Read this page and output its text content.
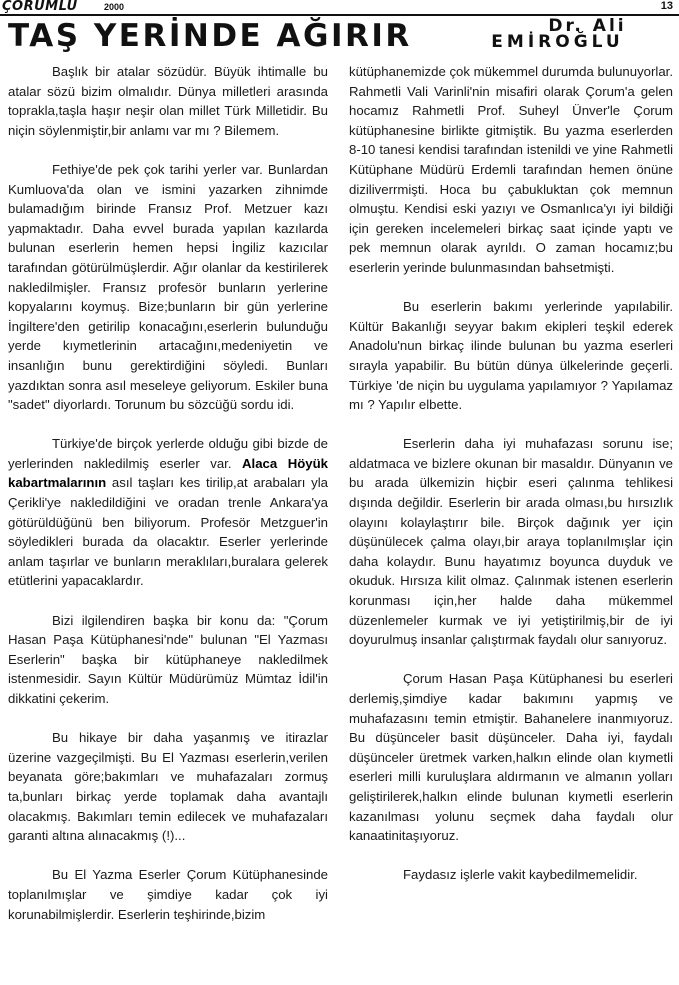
ÇORUMLU	2000	13
TAŞ YERİNDE AĞIRIR	Dr. Ali
EMİROĞLU

Başlık bir atalar sözüdür. Büyük ihtimalle bu atalar sözü bizim olmalıdır. Dünya milletleri arasında toprakla,taşla haşır neşir olan millet Türk Milletidir. Bu niçin söylenmiştir,bir anlamı var mı ? Bilemem.

Fethiye'de pek çok tarihi yerler var. Bunlardan Kumluova'da olan ve ismini yazarken zihnimde bulamadığım birinde Fransız Prof. Metzuer kazı yapmaktadır. Daha evvel burada yapılan kazılarda bulunan eserlerin hemen hepsi İngiliz kazıcılar tarafından götürülmüşlerdir. Ağır olanlar da kestirilerek nakledilmişler. Fransız profesör bunların yerlerine kopyalarını koymuş. Bize;bunların bir gün yerlerine İngiltere'den getirilip konacağını,eserlerin bulunduğu yerde kıymetlerinin artacağını,medeniyetin ve insanlığın bunu gerektirdiğini söyledi. Bunları yazdıktan sonra asıl meseleye geliyorum. Eskiler buna "sadet" diyorlardı. Torunum bu sözcüğü sordu idi.

Türkiye'de birçok yerlerde olduğu gibi bizde de yerlerinden nakledilmiş eserler var. Alaca Höyük kabartmalarının asıl taşları kes tirilip,at arabaları yla Çerikli'ye nakledildiğini ve oradan trenle Ankara'ya götürüldüğünü ben biliyorum. Profesör Metzguer'in söyledikleri burada da olacaktır. Eserler yerlerinde anlam taşırlar ve bunların meraklıları,buralara gelerek etütlerini yapacaklardır.

Bizi ilgilendiren başka bir konu da: "Çorum Hasan Paşa Kütüphanesi'nde" bulunan "El Yazması Eserlerin" başka bir kütüphaneye nakledilmek istenmesidir. Sayın Kültür Müdürümüz Mümtaz İdil'in dikkatini çekerim.

Bu hikaye bir daha yaşanmış ve itirazlar üzerine vazgeçilmişti. Bu El Yazması eserlerin,verilen beyanata göre;bakımları ve muhafazaları zormuş ta,bunları birkaç yerde toplamak daha avantajlı olacakmış. Bakımları temin edilecek ve muhafazaları garanti altına alınacakmış (!)...

Bu El Yazma Eserler Çorum Kütüphanesinde toplanılmışlar ve şimdiye kadar çok iyi korunabilmişlerdir. Eserlerin teşhirinde,bizim

kütüphanemizde çok mükemmel durumda bulunuyorlar. Rahmetli Vali Varinli'nin misafiri olarak Çorum'a gelen hocamız Rahmetli Prof. Suheyl Ünver'le Çorum kütüphanesine birlikte gitmiştik. Bu yazma eserlerden 8-10 tanesi kendisi tarafından istenildi ve yine Rahmetli Kütüphane Müdürü Erdemli tarafından hemen önüne diziliverrmişti. Hoca bu çabukluktan çok memnun olmuştu. Kendisi eski yazıyı ve Osmanlıca'yı iyi bildiği için gereken incelemeleri birkaç saat içinde yaptı ve pek memnun olarak ayrıldı. O zaman hocamız;bu eserlerin yerinde bulunmasından bahsetmişti.

Bu eserlerin bakımı yerlerinde yapılabilir. Kültür Bakanlığı seyyar bakım ekipleri teşkil ederek Anadolu'nun birkaç ilinde bulunan bu yazma eserleri sırayla yapabilir. Bu bütün dünya ülkelerinde geçerli. Türkiye 'de niçin bu uygulama yapılamıyor ? Yapılamaz mı ? Yapılır elbette.

Eserlerin daha iyi muhafazası sorunu ise; aldatmaca ve bizlere okunan bir masaldır. Dünyanın ve bu arada ülkemizin hiçbir eseri çalınma tehlikesi dışında değildir. Eserlerin bir arada olması,bu hırsızlık olayını kolaylaştırır bile. Birçok dağınık yer için düşünülecek çalma olayı,bir araya toplanılmışlar için daha kolaydır. Bunu hayatımız boyunca duyduk ve okuduk. Hırsıza kilit olmaz. Çalınmak istenen eserlerin korunması için,her halde daha mükemmel düzenlemeler kurmak ve iyi yetiştirilmiş,bir de iyi doyurulmuş insanlar çalıştırmak faydalı olur sanıyoruz.

Çorum Hasan Paşa Kütüphanesi bu eserleri derlemiş,şimdiye kadar bakımını yapmış ve muhafazasını temin etmiştir. Bahanelere inanmıyoruz. Bu düşünceler basit düşünceler. Daha iyi, faydalı düşünceler üretmek varken,halkın elinde olan kıymetli eserleri milli kuruluşlara aldırmanın ve almanın yolları geliştirilerek,halkın elinde bulunan kıymetli eserlerin kazanılması yolunu seçmek daha faydalı olur kanaatinitaşıyoruz.

Faydasız işlerle vakit kaybedilmemelidir.
